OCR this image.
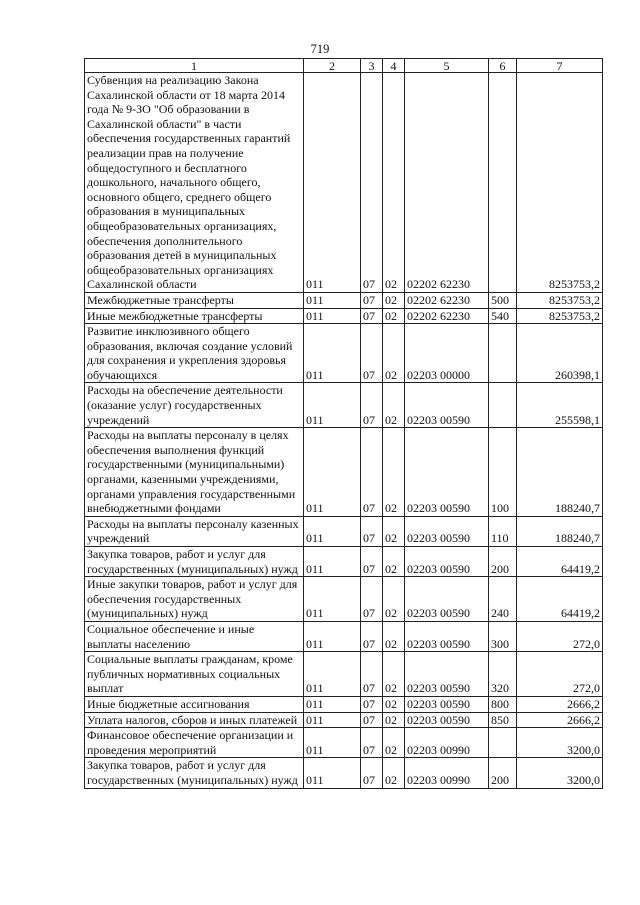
719
1	2	3	4	5	6	7
Субвенция на реализацию Закона Сахалинской области от 18 марта 2014 года № 9-ЗО "Об образовании в Сахалинской области" в части обеспечения государственных гарантий реализации прав на получение общедоступного и бесплатного дошкольного, начального общего, основного общего, среднего общего образования в муниципальных общеобразовательных организациях, обеспечения дополнительного образования детей в муниципальных общеобразовательных организациях Сахалинской области	011	07	02	02202 62230		8253753,2
Межбюджетные трансферты	011	07	02	02202 62230	500	8253753,2
Иные межбюджетные трансферты	011	07	02	02202 62230	540	8253753,2
Развитие инклюзивного общего образования, включая создание условий для сохранения и укрепления здоровья обучающихся	011	07	02	02203 00000		260398,1
Расходы на обеспечение деятельности (оказание услуг) государственных учреждений	011	07	02	02203 00590		255598,1
Расходы на выплаты персоналу в целях обеспечения выполнения функций государственными (муниципальными) органами, казенными учреждениями, органами управления государственными внебюджетными фондами	011	07	02	02203 00590	100	188240,7
Расходы на выплаты персоналу казенных учреждений	011	07	02	02203 00590	110	188240,7
Закупка товаров, работ и услуг для государственных (муниципальных) нужд	011	07	02	02203 00590	200	64419,2
Иные закупки товаров, работ и услуг для обеспечения государственных (муниципальных) нужд	011	07	02	02203 00590	240	64419,2
Социальное обеспечение и иные выплаты населению	011	07	02	02203 00590	300	272,0
Социальные выплаты гражданам, кроме публичных нормативных социальных выплат	011	07	02	02203 00590	320	272,0
Иные бюджетные ассигнования	011	07	02	02203 00590	800	2666,2
Уплата налогов, сборов и иных платежей	011	07	02	02203 00590	850	2666,2
Финансовое обеспечение организации и проведения мероприятий	011	07	02	02203 00990		3200,0
Закупка товаров, работ и услуг для государственных (муниципальных) нужд	011	07	02	02203 00990	200	3200,0
